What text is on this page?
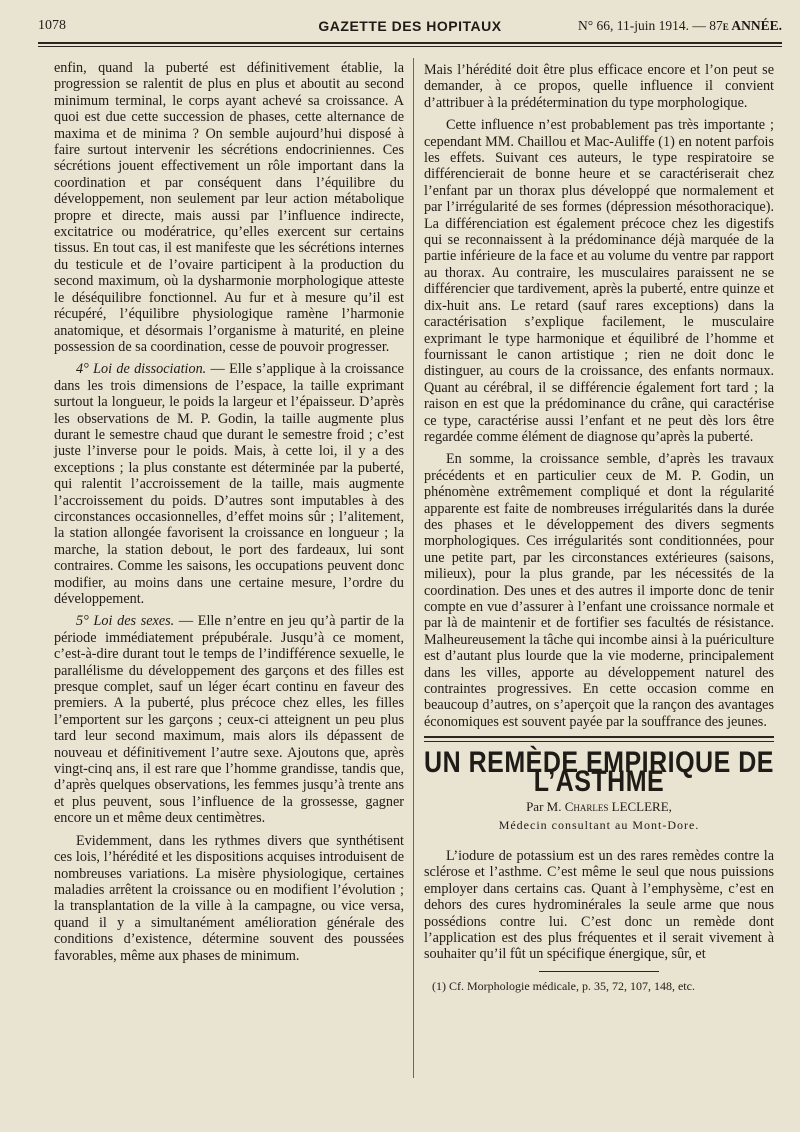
1078	GAZETTE DES HOPITAUX	N° 66, 11-juin 1914. — 87e ANNÉE.

enfin, quand la puberté est définitivement établie, la progression se ralentit de plus en plus et aboutit au second minimum terminal, le corps ayant achevé sa croissance. A quoi est due cette succession de phases, cette alternance de maxima et de minima ? On semble aujourd’hui disposé à faire surtout intervenir les sécrétions endocriniennes. Ces sécrétions jouent effectivement un rôle important dans la coordination et par conséquent dans l’équilibre du développement, non seulement par leur action métabolique propre et directe, mais aussi par l’influence indirecte, excitatrice ou modératrice, qu’elles exercent sur certains tissus. En tout cas, il est manifeste que les sécrétions internes du testicule et de l’ovaire participent à la production du second maximum, où la dysharmonie morphologique atteste le déséquilibre fonctionnel. Au fur et à mesure qu’il est récupéré, l’équilibre physiologique ramène l’harmonie anatomique, et désormais l’organisme à maturité, en pleine possession de sa coordination, cesse de pouvoir progresser.

4° Loi de dissociation. — Elle s’applique à la croissance dans les trois dimensions de l’espace, la taille exprimant surtout la longueur, le poids la largeur et l’épaisseur. D’après les observations de M. P. Godin, la taille augmente plus durant le semestre chaud que durant le semestre froid ; c’est juste l’inverse pour le poids. Mais, à cette loi, il y a des exceptions ; la plus constante est déterminée par la puberté, qui ralentit l’accroissement de la taille, mais augmente l’accroissement du poids. D’autres sont imputables à des circonstances occasionnelles, d’effet moins sûr ; l’alitement, la station allongée favorisent la croissance en longueur ; la marche, la station debout, le port des fardeaux, lui sont contraires. Comme les saisons, les occupations peuvent donc modifier, au moins dans une certaine mesure, l’ordre du développement.

5° Loi des sexes. — Elle n’entre en jeu qu’à partir de la période immédiatement prépubérale. Jusqu’à ce moment, c’est-à-dire durant tout le temps de l’indifférence sexuelle, le parallélisme du développement des garçons et des filles est presque complet, sauf un léger écart continu en faveur des premiers. A la puberté, plus précoce chez elles, les filles l’emportent sur les garçons ; ceux-ci atteignent un peu plus tard leur second maximum, mais alors ils dépassent de nouveau et définitivement l’autre sexe. Ajoutons que, après vingt-cinq ans, il est rare que l’homme grandisse, tandis que, d’après quelques observations, les femmes jusqu’à trente ans et plus peuvent, sous l’influence de la grossesse, gagner encore un et même deux centimètres.

Evidemment, dans les rythmes divers que synthétisent ces lois, l’hérédité et les dispositions acquises introduisent de nombreuses variations. La misère physiologique, certaines maladies arrêtent la croissance ou en modifient l’évolution ; la transplantation de la ville à la campagne, ou vice versa, quand il y a simultanément amélioration générale des conditions d’existence, détermine souvent des poussées favorables, même aux phases de minimum.

Mais l’hérédité doit être plus efficace encore et l’on peut se demander, à ce propos, quelle influence il convient d’attribuer à la prédétermination du type morphologique.

Cette influence n’est probablement pas très importante ; cependant MM. Chaillou et Mac-Auliffe (1) en notent parfois les effets. Suivant ces auteurs, le type respiratoire se différencierait de bonne heure et se caractériserait chez l’enfant par un thorax plus développé que normalement et par l’irrégularité de ses formes (dépression mésothoracique). La différenciation est également précoce chez les digestifs qui se reconnaissent à la prédominance déjà marquée de la partie inférieure de la face et au volume du ventre par rapport au thorax. Au contraire, les musculaires paraissent ne se différencier que tardivement, après la puberté, entre quinze et dix-huit ans. Le retard (sauf rares exceptions) dans la caractérisation s’explique facilement, le musculaire exprimant le type harmonique et équilibré de l’homme et fournissant le canon artistique ; rien ne doit donc le distinguer, au cours de la croissance, des enfants normaux. Quant au cérébral, il se différencie également fort tard ; la raison en est que la prédominance du crâne, qui caractérise ce type, caractérise aussi l’enfant et ne peut dès lors être regardée comme élément de diagnose qu’après la puberté.

En somme, la croissance semble, d’après les travaux précédents et en particulier ceux de M. P. Godin, un phénomène extrêmement compliqué et dont la régularité apparente est faite de nombreuses irrégularités dans la durée des phases et le développement des divers segments morphologiques. Ces irrégularités sont conditionnées, pour une petite part, par les circonstances extérieures (saisons, milieux), pour la plus grande, par les nécessités de la coordination. Des unes et des autres il importe donc de tenir compte en vue d’assurer à l’enfant une croissance normale et par là de maintenir et de fortifier ses facultés de résistance. Malheureusement la tâche qui incombe ainsi à la puériculture est d’autant plus lourde que la vie moderne, principalement dans les villes, apporte au développement naturel des contraintes progressives. En cette occasion comme en beaucoup d’autres, on s’aperçoit que la rançon des avantages économiques est souvent payée par la souffrance des jeunes.

UN REMÈDE EMPIRIQUE DE L’ASTHME
Par M. Charles LECLERE,
Médecin consultant au Mont-Dore.

L’iodure de potassium est un des rares remèdes contre la sclérose et l’asthme. C’est même le seul que nous puissions employer dans certains cas. Quant à l’emphysème, c’est en dehors des cures hydrominérales la seule arme que nous possédions contre lui. C’est donc un remède dont l’application est des plus fréquentes et il serait vivement à souhaiter qu’il fût un spécifique énergique, sûr, et

(1) Cf. Morphologie médicale, p. 35, 72, 107, 148, etc.
